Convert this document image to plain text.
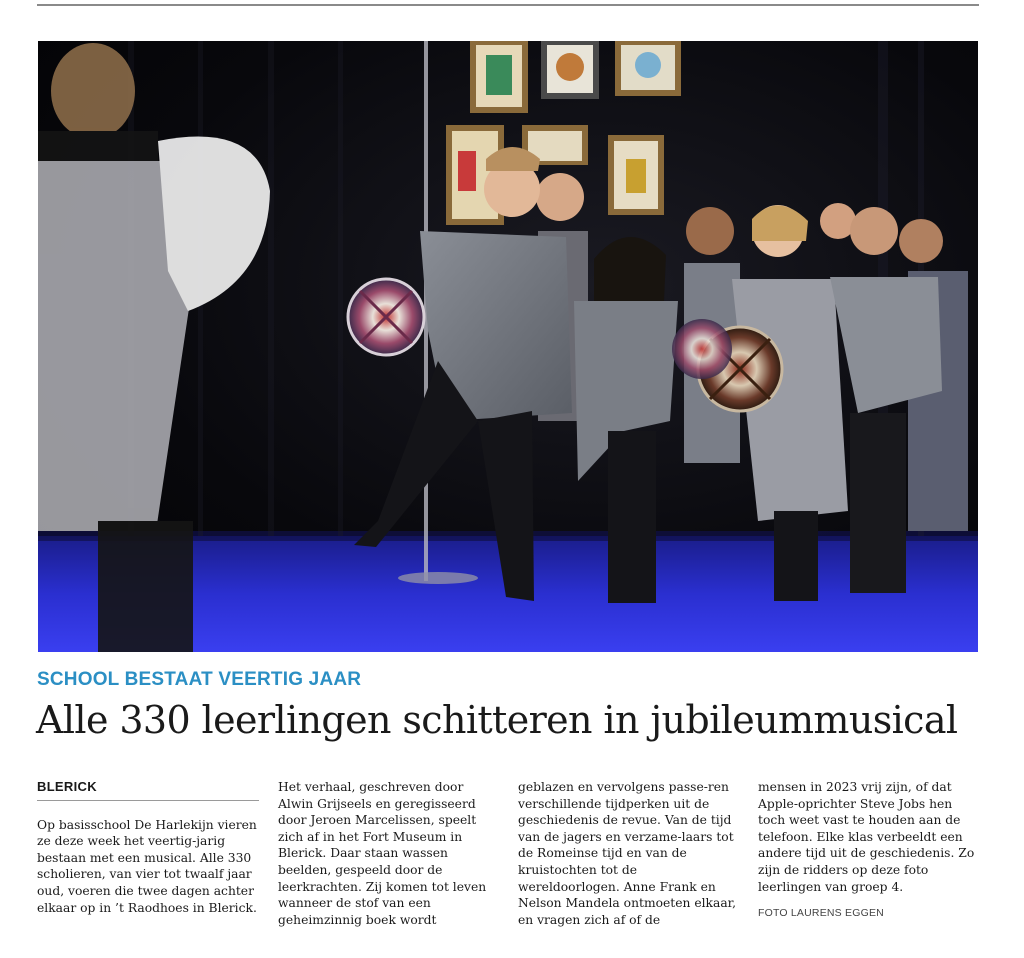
SCHOOL BESTAAT VEERTIG JAAR
Alle 330 leerlingen schitteren in jubileummusical
BLERICK

Op basisschool De Harlekijn vieren ze deze week het veertig-jarig bestaan met een musical. Alle 330 scholieren, van vier tot twaalf jaar oud, voeren die twee dagen achter elkaar op in ’t Raodhoes in Blerick.

Het verhaal, geschreven door Alwin Grijseels en geregisseerd door Jeroen Marcelissen, speelt zich af in het Fort Museum in Blerick. Daar staan wassen beelden, gespeeld door de leerkrachten. Zij komen tot leven wanneer de stof van een geheimzinnig boek wordt

geblazen en vervolgens passe-ren verschillende tijdperken uit de geschiedenis de revue. Van de tijd van de jagers en verzame-laars tot de Romeinse tijd en van de kruistochten tot de wereldoorlogen. Anne Frank en Nelson Mandela ontmoeten elkaar, en vragen zich af of de

mensen in 2023 vrij zijn, of dat Apple-oprichter Steve Jobs hen toch weet vast te houden aan de telefoon. Elke klas verbeeldt een andere tijd uit de geschiedenis. Zo zijn de ridders op deze foto leerlingen van groep 4.

FOTO LAURENS EGGEN
